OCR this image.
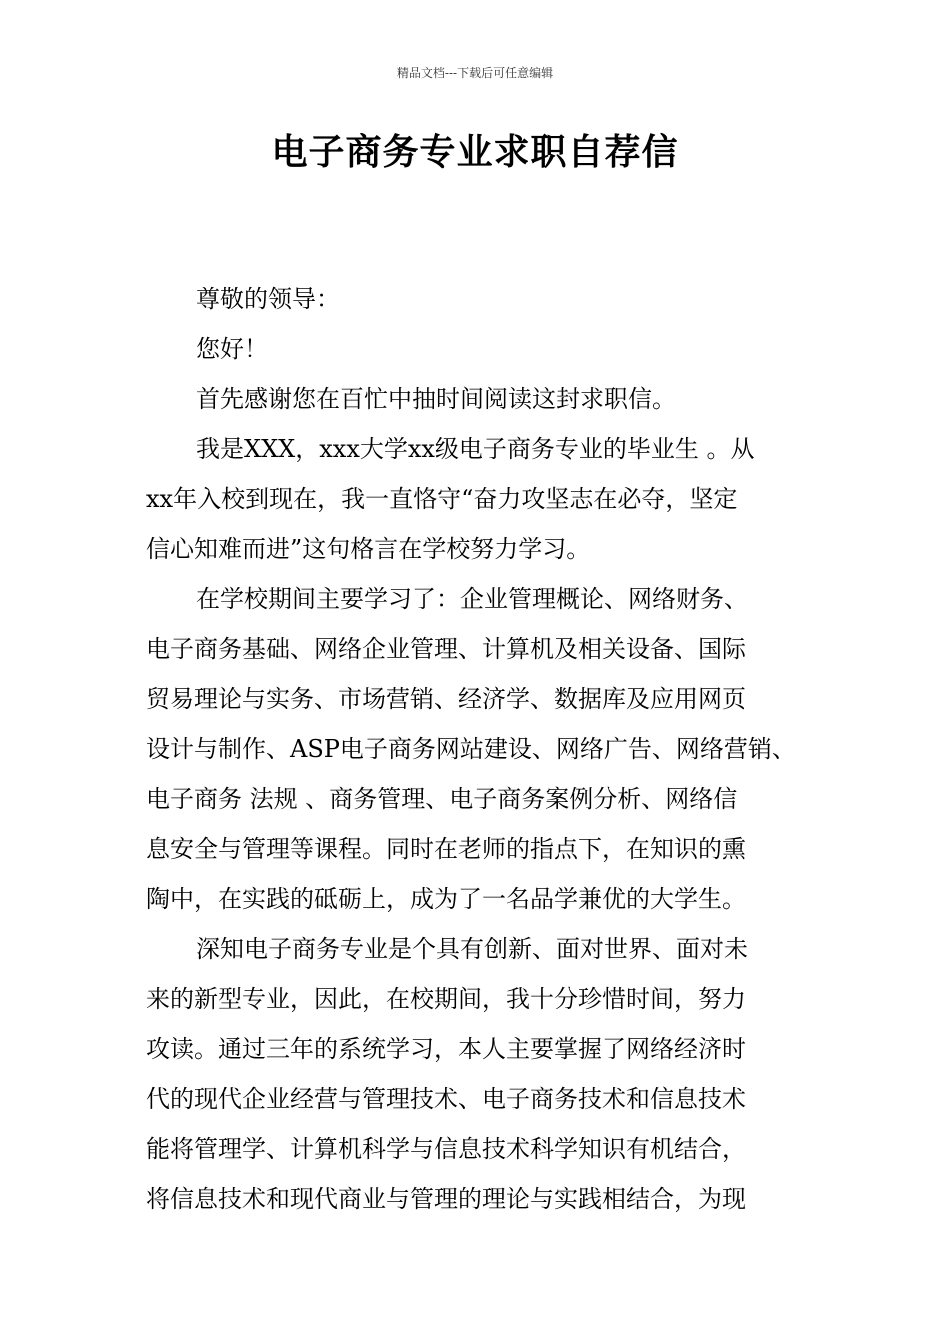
精品文档---下载后可任意编辑
电子商务专业求职自荐信
尊敬的领导：
您好！
首先感谢您在百忙中抽时间阅读这封求职信。
我是XXX，xxx大学xx级电子商务专业的毕业生 。从
xx年入校到现在，我一直恪守“奋力攻坚志在必夺，坚定
信心知难而进”这句格言在学校努力学习。
在学校期间主要学习了：企业管理概论、网络财务、
电子商务基础、网络企业管理、计算机及相关设备、国际
贸易理论与实务、市场营销、经济学、数据库及应用网页
设计与制作、ASP电子商务网站建设、网络广告、网络营销、
电子商务 法规 、商务管理、电子商务案例分析、网络信
息安全与管理等课程。同时在老师的指点下，在知识的熏
陶中，在实践的砥砺上，成为了一名品学兼优的大学生。
深知电子商务专业是个具有创新、面对世界、面对未
来的新型专业，因此，在校期间，我十分珍惜时间，努力
攻读。通过三年的系统学习，本人主要掌握了网络经济时
代的现代企业经营与管理技术、电子商务技术和信息技术
能将管理学、计算机科学与信息技术科学知识有机结合，
将信息技术和现代商业与管理的理论与实践相结合，为现
